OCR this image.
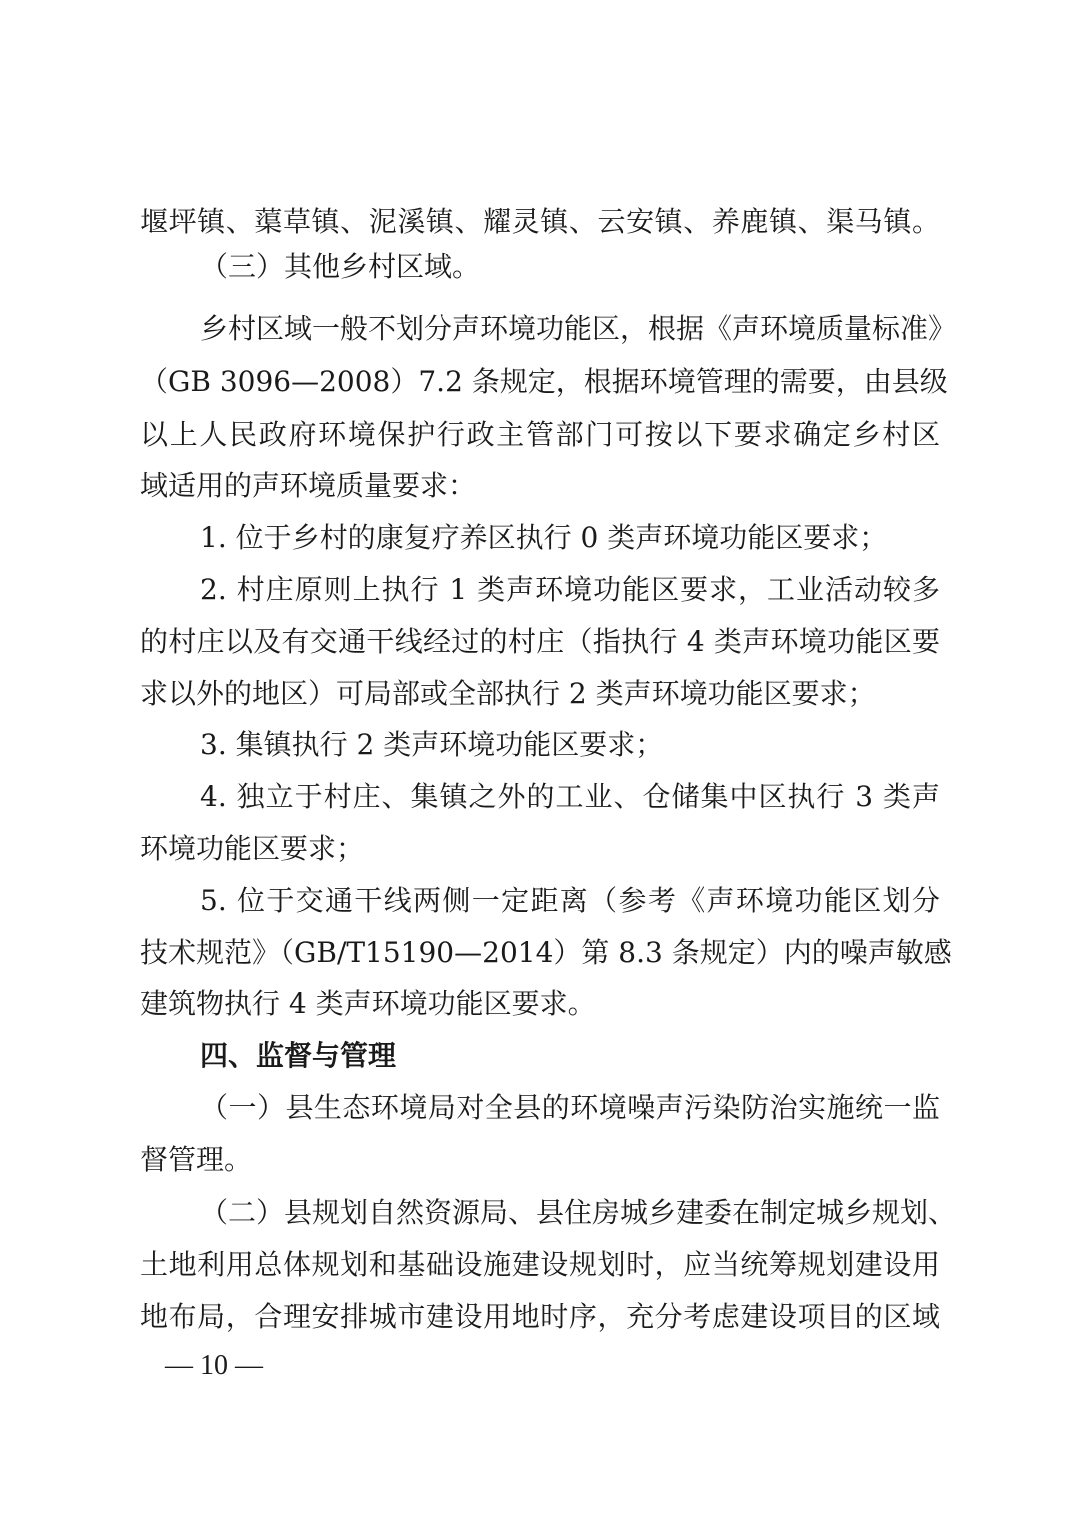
堰坪镇、蕖草镇、泥溪镇、耀灵镇、云安镇、养鹿镇、渠马镇。
（三）其他乡村区域。
乡村区域一般不划分声环境功能区，根据《声环境质量标准》
（GB 3096—2008）7.2 条规定，根据环境管理的需要，由县级
以上人民政府环境保护行政主管部门可按以下要求确定乡村区
域适用的声环境质量要求：
1. 位于乡村的康复疗养区执行 0 类声环境功能区要求；
2. 村庄原则上执行 1 类声环境功能区要求，工业活动较多
的村庄以及有交通干线经过的村庄（指执行 4 类声环境功能区要
求以外的地区）可局部或全部执行 2 类声环境功能区要求；
3. 集镇执行 2 类声环境功能区要求；
4. 独立于村庄、集镇之外的工业、仓储集中区执行 3 类声
环境功能区要求；
5. 位于交通干线两侧一定距离（参考《声环境功能区划分
技术规范》（GB/T15190—2014）第 8.3 条规定）内的噪声敏感
建筑物执行 4 类声环境功能区要求。
四、监督与管理
（一）县生态环境局对全县的环境噪声污染防治实施统一监
督管理。
（二）县规划自然资源局、县住房城乡建委在制定城乡规划、
土地利用总体规划和基础设施建设规划时，应当统筹规划建设用
地布局，合理安排城市建设用地时序，充分考虑建设项目的区域
— 10 —
